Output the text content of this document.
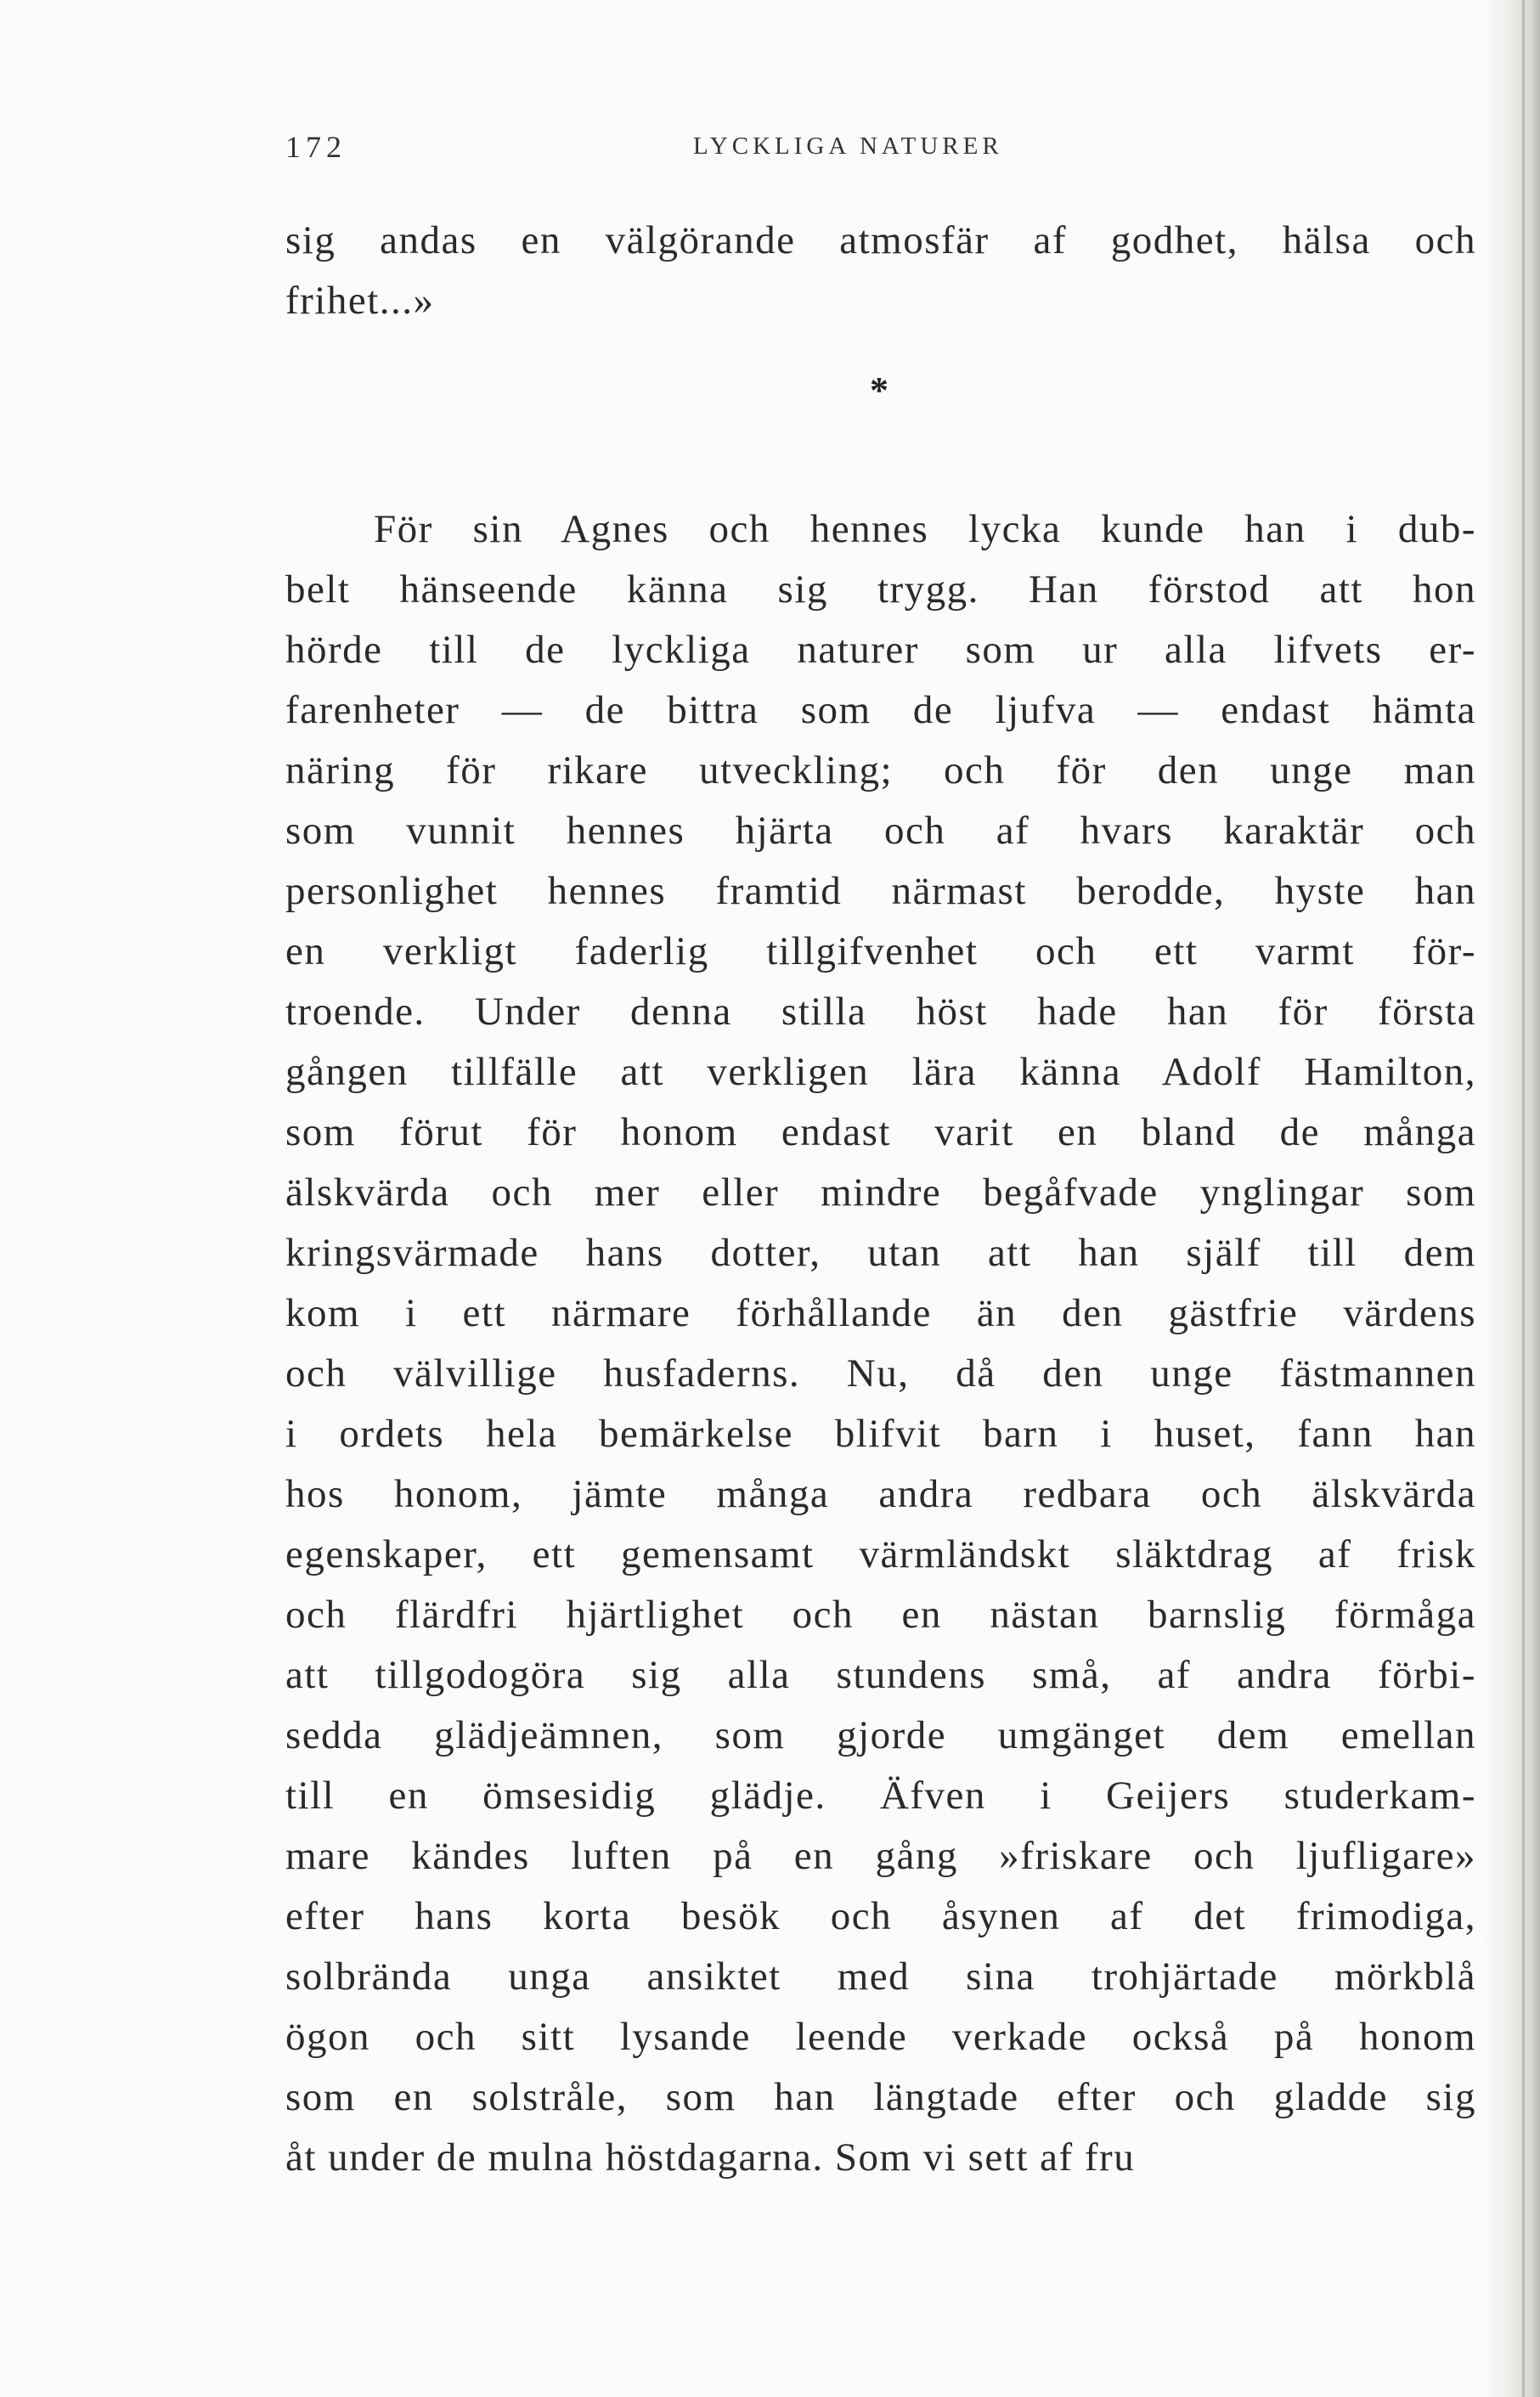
172	LYCKLIGA NATURER
sig andas en välgörande atmosfär af godhet, hälsa och
frihet...»
*
För sin Agnes och hennes lycka kunde han i dub-
belt hänseende känna sig trygg. Han förstod att hon
hörde till de lyckliga naturer som ur alla lifvets er-
farenheter — de bittra som de ljufva — endast hämta
näring för rikare utveckling; och för den unge man
som vunnit hennes hjärta och af hvars karaktär och
personlighet hennes framtid närmast berodde, hyste han
en verkligt faderlig tillgifvenhet och ett varmt för-
troende. Under denna stilla höst hade han för första
gången tillfälle att verkligen lära känna Adolf Hamilton,
som förut för honom endast varit en bland de många
älskvärda och mer eller mindre begåfvade ynglingar som
kringsvärmade hans dotter, utan att han själf till dem
kom i ett närmare förhållande än den gästfrie värdens
och välvillige husfaderns. Nu, då den unge fästmannen
i ordets hela bemärkelse blifvit barn i huset, fann han
hos honom, jämte många andra redbara och älskvärda
egenskaper, ett gemensamt värmländskt släktdrag af frisk
och flärdfri hjärtlighet och en nästan barnslig förmåga
att tillgodogöra sig alla stundens små, af andra förbi-
sedda glädjeämnen, som gjorde umgänget dem emellan
till en ömsesidig glädje. Äfven i Geijers studerkam-
mare kändes luften på en gång »friskare och ljufligare»
efter hans korta besök och åsynen af det frimodiga,
solbrända unga ansiktet med sina trohjärtade mörkblå
ögon och sitt lysande leende verkade också på honom
som en solstråle, som han längtade efter och gladde sig
åt under de mulna höstdagarna. Som vi sett af fru
